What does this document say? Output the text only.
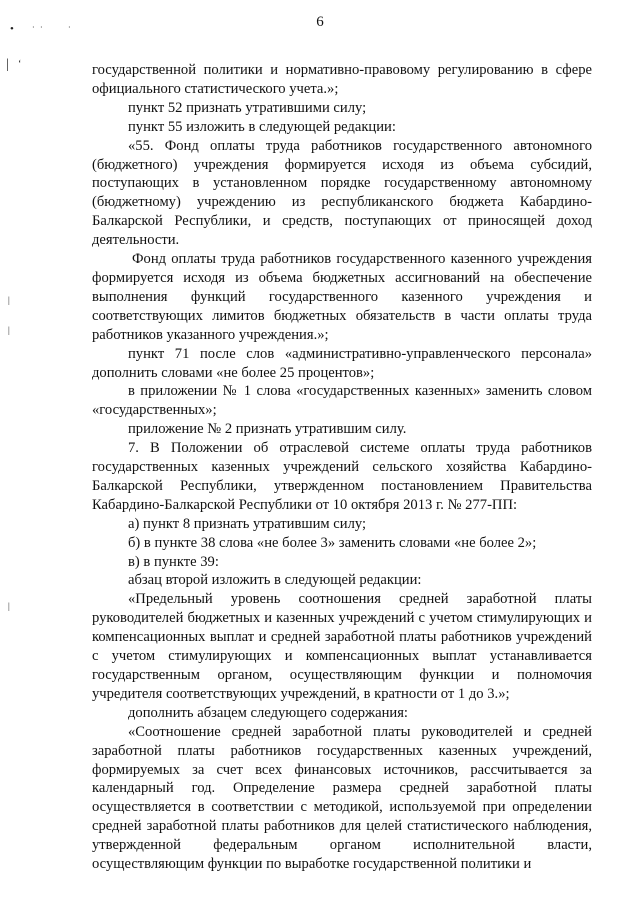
• · ·	·
| ‘
|
|
|
6

государственной политики и нормативно-правовому регулированию в сфере официального статистического учета.»;

пункт 52 признать утратившими силу;

пункт 55 изложить в следующей редакции:

«55. Фонд оплаты труда работников государственного автономного (бюджетного) учреждения формируется исходя из объема субсидий, поступающих в установленном порядке государственному автономному (бюджетному) учреждению из республиканского бюджета Кабардино-Балкарской Республики, и средств, поступающих от приносящей доход деятельности.

Фонд оплаты труда работников государственного казенного учреждения формируется исходя из объема бюджетных ассигнований на обеспечение выполнения функций государственного казенного учреждения и соответствующих лимитов бюджетных обязательств в части оплаты труда работников указанного учреждения.»;

пункт 71 после слов «административно-управленческого персонала» дополнить словами «не более 25 процентов»;

в приложении № 1 слова «государственных казенных» заменить словом «государственных»;

приложение № 2 признать утратившим силу.

7. В Положении об отраслевой системе оплаты труда работников государственных казенных учреждений сельского хозяйства Кабардино-Балкарской Республики, утвержденном постановлением Правительства Кабардино-Балкарской Республики от 10 октября 2013 г. № 277-ПП:

а) пункт 8 признать утратившим силу;

б) в пункте 38 слова «не более 3» заменить словами «не более 2»;

в) в пункте 39:

абзац второй изложить в следующей редакции:

«Предельный уровень соотношения средней заработной платы руководителей бюджетных и казенных учреждений с учетом стимулирующих и компенсационных выплат и средней заработной платы работников учреждений с учетом стимулирующих и компенсационных выплат устанавливается государственным органом, осуществляющим функции и полномочия учредителя соответствующих учреждений, в кратности от 1 до 3.»;

дополнить абзацем следующего содержания:

«Соотношение средней заработной платы руководителей и средней заработной платы работников государственных казенных учреждений, формируемых за счет всех финансовых источников, рассчитывается за календарный год. Определение размера средней заработной платы осуществляется в соответствии с методикой, используемой при определении средней заработной платы работников для целей статистического наблюдения, утвержденной федеральным органом исполнительной власти, осуществляющим функции по выработке государственной политики и
